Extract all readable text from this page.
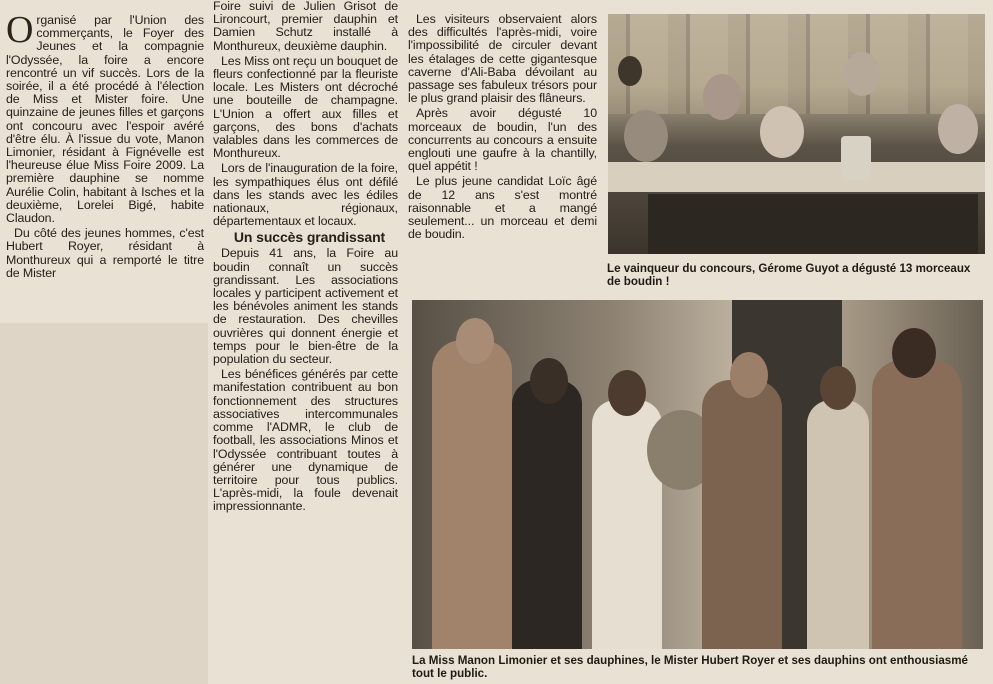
Organisé par l'Union des commerçants, le Foyer des Jeunes et la compagnie l'Odyssée, la foire a encore rencontré un vif succès. Lors de la soirée, il a été procédé à l'élection de Miss et Mister foire. Une quinzaine de jeunes filles et garçons ont concouru avec l'espoir avéré d'être élu. À l'issue du vote, Manon Limonier, résidant à Fignévelle est l'heureuse élue Miss Foire 2009. La première dauphine se nomme Aurélie Colin, habitant à Isches et la deuxième, Lorelei Bigé, habite Claudon.

Du côté des jeunes hommes, c'est Hubert Royer, résidant à Monthureux qui a remporté le titre de Mister

Foire suivi de Julien Grisot de Lironcourt, premier dauphin et Damien Schutz installé à Monthureux, deuxième dauphin.

Les Miss ont reçu un bouquet de fleurs confectionné par la fleuriste locale. Les Misters ont décroché une bouteille de champagne. L'Union a offert aux filles et garçons, des bons d'achats valables dans les commerces de Monthureux.

Lors de l'inauguration de la foire, les sympathiques élus ont défilé dans les stands avec les édiles nationaux, régionaux, départementaux et locaux.

Un succès grandissant

Depuis 41 ans, la Foire au boudin connaît un succès grandissant. Les associations locales y participent activement et les bénévoles animent les stands de restauration. Des chevilles ouvrières qui donnent énergie et temps pour le bien-être de la population du secteur.

Les bénéfices générés par cette manifestation contribuent au bon fonctionnement des structures associatives intercommunales comme l'ADMR, le club de football, les associations Minos et l'Odyssée contribuant toutes à générer une dynamique de territoire pour tous publics. L'après-midi, la foule devenait impressionnante.

Les visiteurs observaient alors des difficultés l'après-midi, voire l'impossibilité de circuler devant les étalages de cette gigantesque caverne d'Ali-Baba dévoilant au passage ses fabuleux trésors pour le plus grand plaisir des flâneurs.

Après avoir dégusté 10 morceaux de boudin, l'un des concurrents au concours a ensuite englouti une gaufre à la chantilly, quel appétit !

Le plus jeune candidat Loïc âgé de 12 ans s'est montré raisonnable et a mangé seulement... un morceau et demi de boudin.

Le vainqueur du concours, Gérome Guyot a dégusté 13 morceaux de boudin !
La Miss Manon Limonier et ses dauphines, le Mister Hubert Royer et ses dauphins ont enthousiasmé tout le public.
